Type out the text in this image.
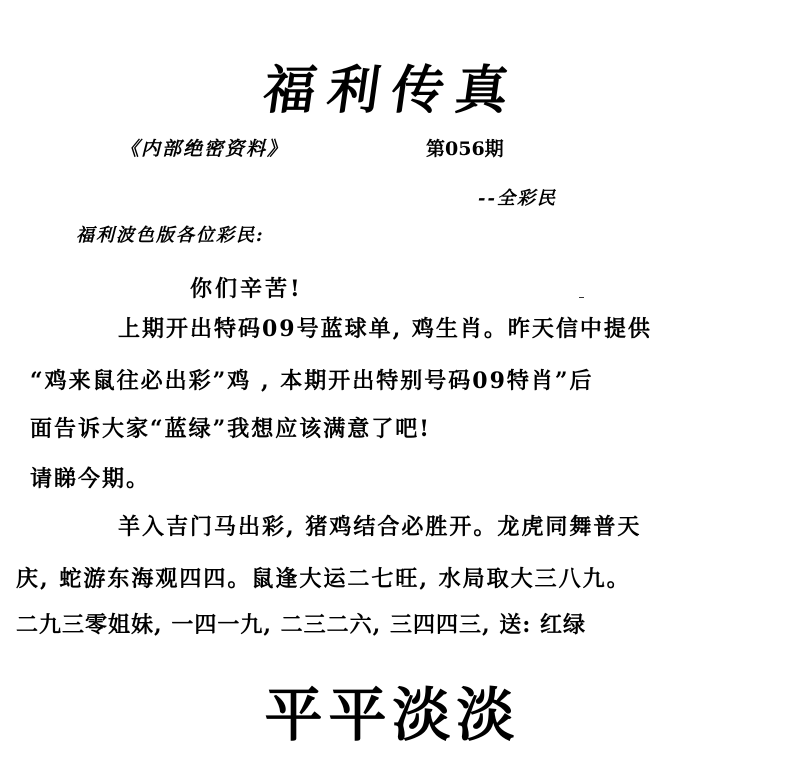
福利传真
《内部绝密资料》	第056期
--全彩民
福利波色版各位彩民:
你们辛苦!
上期开出特码09号蓝球单, 鸡生肖。昨天信中提供
“鸡来鼠往必出彩”鸡 , 本期开出特别号码09特肖”后
面告诉大家“蓝绿”我想应该满意了吧!
请睇今期。
羊入吉门马出彩, 猪鸡结合必胜开。龙虎同舞普天
庆, 蛇游东海观四四。鼠逢大运二七旺, 水局取大三八九。
二九三零姐妹, 一四一九, 二三二六, 三四四三, 送: 红绿
平平淡淡
